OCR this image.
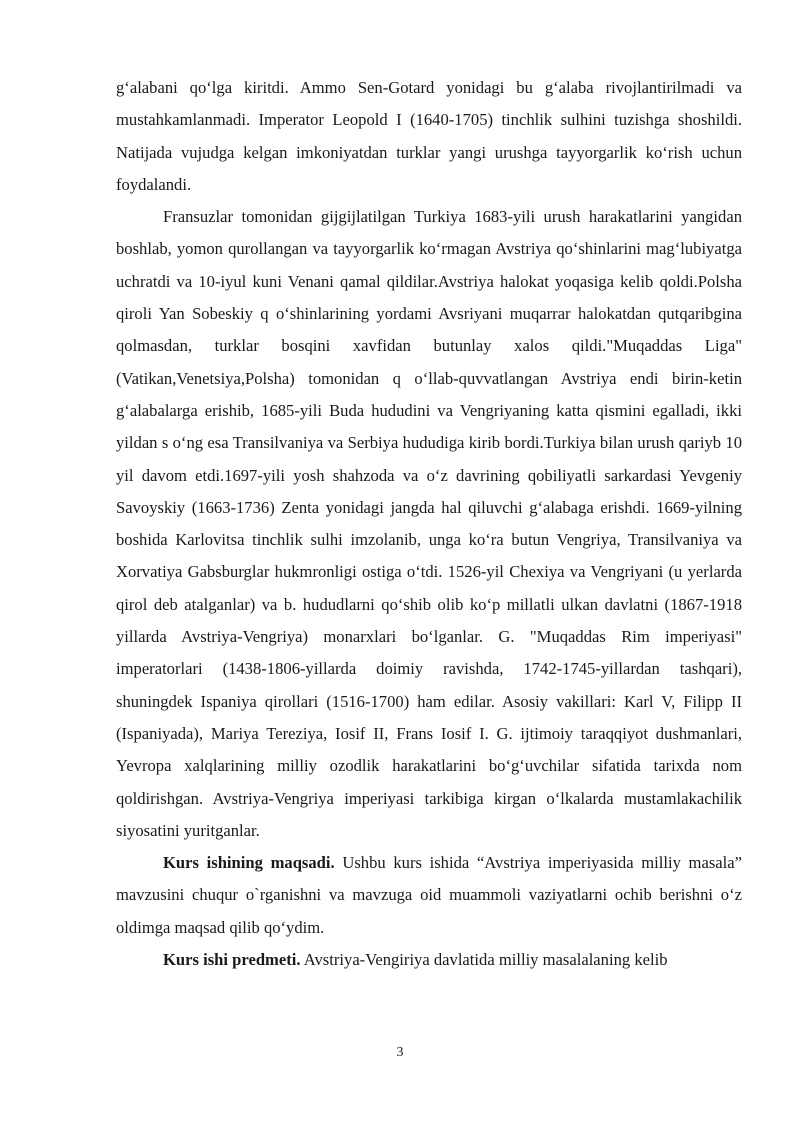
g‘alabani qo‘lga kiritdi. Ammo Sen-Gotard yonidagi bu g‘alaba rivojlantirilmadi va mustahkamlanmadi. Imperator Leopold I (1640-1705) tinchlik sulhini tuzishga shoshildi. Natijada vujudga kelgan imkoniyatdan turklar yangi urushga tayyorgarlik ko‘rish uchun foydalandi.

Fransuzlar tomonidan gijgijlatilgan Turkiya 1683-yili urush harakatlarini yangidan boshlab, yomon qurollangan va tayyorgarlik ko‘rmagan Avstriya qo‘shinlarini mag‘lubiyatga uchratdi va 10-iyul kuni Venani qamal qildilar.Avstriya halokat yoqasiga kelib qoldi.Polsha qiroli Yan Sobeskiy q o‘shinlarining yordami Avsriyani muqarrar halokatdan qutqaribgina qolmasdan, turklar bosqini xavfidan butunlay xalos qildi."Muqaddas Liga"(Vatikan,Venetsiya,Polsha) tomonidan q o‘llab-quvvatlangan Avstriya endi birin-ketin g‘alabalarga erishib, 1685-yili Buda hududini va Vengriyaning katta qismini egalladi, ikki yildan s o‘ng esa Transilvaniya va Serbiya hududiga kirib bordi.Turkiya bilan urush qariyb 10 yil davom etdi.1697-yili yosh shahzoda va o‘z davrining qobiliyatli sarkardasi Yevgeniy Savoyskiy (1663-1736) Zenta yonidagi jangda hal qiluvchi g‘alabaga erishdi. 1669-yilning boshida Karlovitsa tinchlik sulhi imzolanib, unga ko‘ra butun Vengriya, Transilvaniya va Xorvatiya Gabsburglar hukmronligi ostiga o‘tdi. 1526-yil Chexiya va Vengriyani (u yerlarda qirol deb atalganlar) va b. hududlarni qo‘shib olib ko‘p millatli ulkan davlatni (1867-1918 yillarda Avstriya-Vengriya) monarxlari bo‘lganlar. G. "Muqaddas Rim imperiyasi" imperatorlari (1438-1806-yillarda doimiy ravishda, 1742-1745-yillardan tashqari), shuningdek Ispaniya qirollari (1516-1700) ham edilar. Asosiy vakillari: Karl V, Filipp II (Ispaniyada), Mariya Tereziya, Iosif II, Frans Iosif I. G. ijtimoiy taraqqiyot dushmanlari, Yevropa xalqlarining milliy ozodlik harakatlarini bo‘g‘uvchilar sifatida tarixda nom qoldirishgan. Avstriya-Vengriya imperiyasi tarkibiga kirgan o‘lkalarda mustamlakachilik siyosatini yuritganlar.

Kurs ishining maqsadi. Ushbu kurs ishida “Avstriya imperiyasida milliy masala” mavzusini chuqur o`rganishni va mavzuga oid muammoli vaziyatlarni ochib berishni o‘z oldimga maqsad qilib qo‘ydim.

Kurs ishi predmeti. Avstriya-Vengiriya davlatida milliy masalalaning kelib

3
